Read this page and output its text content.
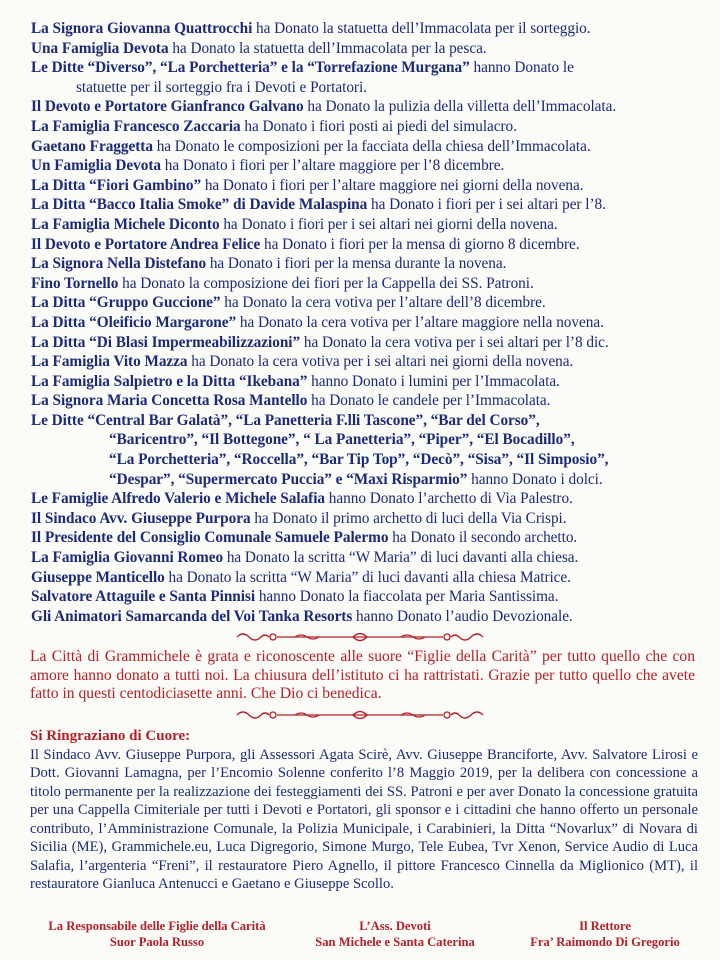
La Signora Giovanna Quattrocchi ha Donato la statuetta dell’Immacolata per il sorteggio.
Una Famiglia Devota ha Donato la statuetta dell’Immacolata per la pesca.
Le Ditte “Diverso”, “La Porchetteria” e la “Torrefazione Murgana” hanno Donato le
statuette per il sorteggio fra i Devoti e Portatori.
Il Devoto e Portatore Gianfranco Galvano ha Donato la pulizia della villetta dell’Immacolata.
La Famiglia Francesco Zaccaria ha Donato i fiori posti ai piedi del simulacro.
Gaetano Fraggetta ha Donato le composizioni per la facciata della chiesa dell’Immacolata.
Un Famiglia Devota ha Donato i fiori per l’altare maggiore per l’8 dicembre.
La Ditta “Fiori Gambino” ha Donato i fiori per l’altare maggiore nei giorni della novena.
La Ditta “Bacco Italia Smoke” di Davide Malaspina ha Donato i fiori per i sei altari per l’8.
La Famiglia Michele Diconto ha Donato i fiori per i sei altari nei giorni della novena.
Il Devoto e Portatore Andrea Felice ha Donato i fiori per la mensa di giorno 8 dicembre.
La Signora Nella Distefano ha Donato i fiori per la mensa durante la novena.
Fino Tornello ha Donato la composizione dei fiori per la Cappella dei SS. Patroni.
La Ditta “Gruppo Guccione” ha Donato la cera votiva per l’altare dell’8 dicembre.
La Ditta “Oleificio Margarone” ha Donato la cera votiva per l’altare maggiore nella novena.
La Ditta “Di Blasi Impermeabilizzazioni” ha Donato la cera votiva per i sei altari per l’8 dic.
La Famiglia Vito Mazza ha Donato la cera votiva per i sei altari nei giorni della novena.
La Famiglia Salpietro e la Ditta “Ikebana” hanno Donato i lumini per l’Immacolata.
La Signora Maria Concetta Rosa Mantello ha Donato le candele per l’Immacolata.
Le Ditte “Central Bar Galatà”, “La Panetteria F.lli Tascone”, “Bar del Corso”,
“Baricentro”, “Il Bottegone”, “ La Panetteria”, “Piper”, “El Bocadillo”,
“La Porchetteria”, “Roccella”, “Bar Tip Top”, “Decò”, “Sisa”, “Il Simposio”,
“Despar”, “Supermercato Puccia” e “Maxi Risparmio” hanno Donato i dolci.
Le Famiglie Alfredo Valerio e Michele Salafia hanno Donato l’archetto di Via Palestro.
Il Sindaco Avv. Giuseppe Purpora ha Donato il primo archetto di luci della Via Crispi.
Il Presidente del Consiglio Comunale Samuele Palermo ha Donato il secondo archetto.
La Famiglia Giovanni Romeo ha Donato la scritta “W Maria” di luci davanti alla chiesa.
Giuseppe Manticello ha Donato la scritta “W Maria” di luci davanti alla chiesa Matrice.
Salvatore Attaguile e Santa Pinnisi hanno Donato la fiaccolata per Maria Santissima.
Gli Animatori Samarcanda del Voi Tanka Resorts hanno Donato l’audio Devozionale.
La Città di Grammichele è grata e riconoscente alle suore “Figlie della Carità” per tutto quello che con amore hanno donato a tutti noi. La chiusura dell’istituto ci ha rattristati. Grazie per tutto quello che avete fatto in questi centodiciasette anni. Che Dio ci benedica.
Si Ringraziano di Cuore:
Il Sindaco Avv. Giuseppe Purpora, gli Assessori Agata Scirè, Avv. Giuseppe Branciforte, Avv. Salvatore Lirosi e Dott. Giovanni Lamagna, per l’Encomio Solenne conferito l’8 Maggio 2019, per la delibera con concessione a titolo permanente per la realizzazione dei festeggiamenti dei SS. Patroni e per aver Donato la concessione gratuita per una Cappella Cimiteriale per tutti i Devoti e Portatori, gli sponsor e i cittadini che hanno offerto un personale contributo, l’Amministrazione Comunale, la Polizia Municipale, i Carabinieri, la Ditta “Novarlux” di Novara di Sicilia (ME), Grammichele.eu, Luca Digregorio, Simone Murgo, Tele Eubea, Tvr Xenon, Service Audio di Luca Salafia, l’argenteria “Freni”, il restauratore Piero Agnello, il pittore Francesco Cinnella da Miglionico (MT), il restauratore Gianluca Antenucci e Gaetano e Giuseppe Scollo.
La Responsabile delle Figlie della Carità
Suor Paola Russo
L’Ass. Devoti
San Michele e Santa Caterina
Il Rettore
Fra’ Raimondo Di Gregorio
